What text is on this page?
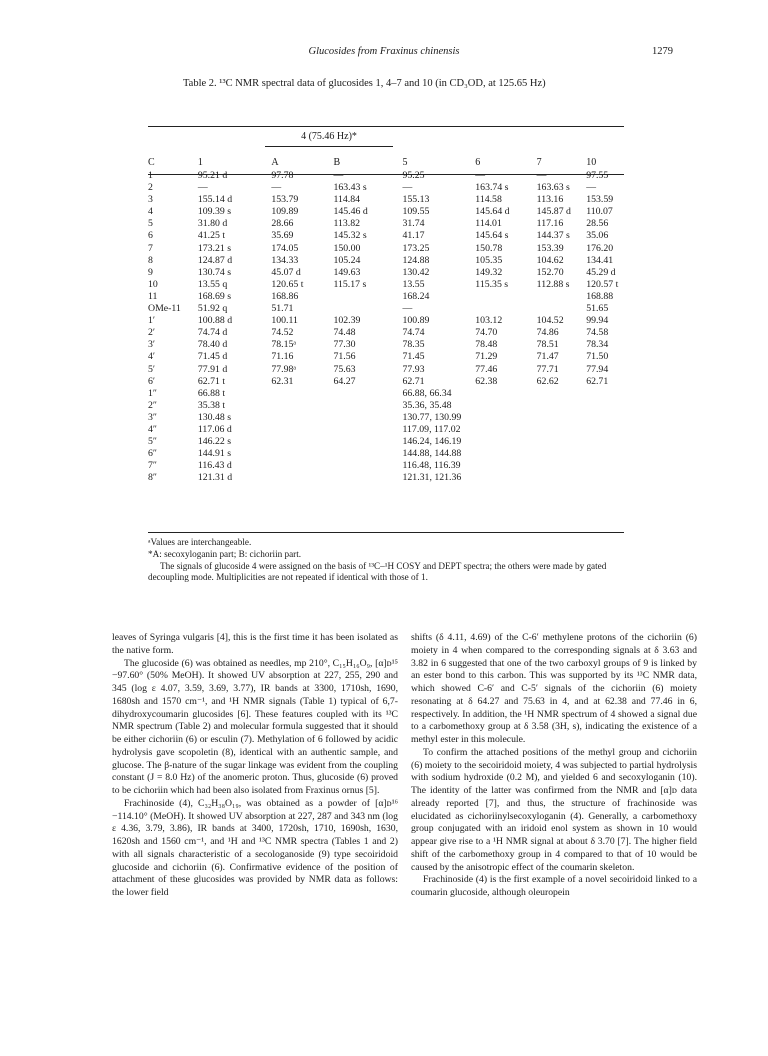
Glucosides from Fraxinus chinensis	1279
Table 2. ¹³C NMR spectral data of glucosides 1, 4–7 and 10 (in CD₃OD, at 125.65 Hz)
4 (75.46 Hz)*
C	1	A	B	5	6	7	10
1	95.21 d	97.78	—	95.25	—	—	97.55
2	—	—	163.43 s	—	163.74 s	163.63 s	—
3	155.14 d	153.79	114.84	155.13	114.58	113.16	153.59
4	109.39 s	109.89	145.46 d	109.55	145.64 d	145.87 d	110.07
5	31.80 d	28.66	113.82	31.74	114.01	117.16	28.56
6	41.25 t	35.69	145.32 s	41.17	145.64 s	144.37 s	35.06
7	173.21 s	174.05	150.00	173.25	150.78	153.39	176.20
8	124.87 d	134.33	105.24	124.88	105.35	104.62	134.41
9	130.74 s	45.07 d	149.63	130.42	149.32	152.70	45.29 d
10	13.55 q	120.65 t	115.17 s	13.55	115.35 s	112.88 s	120.57 t
11	168.69 s	168.86		168.24			168.88
OMe-11	51.92 q	51.71		—			51.65
1′	100.88 d	100.11	102.39	100.89	103.12	104.52	99.94
2′	74.74 d	74.52	74.48	74.74	74.70	74.86	74.58
3′	78.40 d	78.15ᵃ	77.30	78.35	78.48	78.51	78.34
4′	71.45 d	71.16	71.56	71.45	71.29	71.47	71.50
5′	77.91 d	77.98ᵃ	75.63	77.93	77.46	77.71	77.94
6′	62.71 t	62.31	64.27	62.71	62.38	62.62	62.71
1″	66.88 t			66.88, 66.34			
2″	35.38 t			35.36, 35.48			
3″	130.48 s			130.77, 130.99			
4″	117.06 d			117.09, 117.02			
5″	146.22 s			146.24, 146.19			
6″	144.91 s			144.88, 144.88			
7″	116.43 d			116.48, 116.39			
8″	121.31 d			121.31, 121.36			
ᵃValues are interchangeable.
*A: secoxyloganin part; B: cichoriin part.
The signals of glucoside 4 were assigned on the basis of ¹³C–¹H COSY and DEPT spectra; the others were made by gated decoupling mode. Multiplicities are not repeated if identical with those of 1.

leaves of Syringa vulgaris [4], this is the first time it has been isolated as the native form.

The glucoside (6) was obtained as needles, mp 210°, C₁₅H₁₆O₉, [α]ᴅ¹⁵ −97.60° (50% MeOH). It showed UV absorption at 227, 255, 290 and 345 (log ε 4.07, 3.59, 3.69, 3.77), IR bands at 3300, 1710sh, 1690, 1680sh and 1570 cm⁻¹, and ¹H NMR signals (Table 1) typical of 6,7-dihydroxycoumarin glucosides [6]. These features coupled with its ¹³C NMR spectrum (Table 2) and molecular formula suggested that it should be either cichoriin (6) or esculin (7). Methylation of 6 followed by acidic hydrolysis gave scopoletin (8), identical with an authentic sample, and glucose. The β-nature of the sugar linkage was evident from the coupling constant (J = 8.0 Hz) of the anomeric proton. Thus, glucoside (6) proved to be cichoriin which had been also isolated from Fraxinus ornus [5].

Frachinoside (4), C₃₂H₃₈O₁₉, was obtained as a powder of [α]ᴅ¹⁶ −114.10° (MeOH). It showed UV absorption at 227, 287 and 343 nm (log ε 4.36, 3.79, 3.86), IR bands at 3400, 1720sh, 1710, 1690sh, 1630, 1620sh and 1560 cm⁻¹, and ¹H and ¹³C NMR spectra (Tables 1 and 2) with all signals characteristic of a secologanoside (9) type secoiridoid glucoside and cichoriin (6). Confirmative evidence of the position of attachment of these glucosides was provided by NMR data as follows: the lower field

shifts (δ 4.11, 4.69) of the C-6′ methylene protons of the cichoriin (6) moiety in 4 when compared to the corresponding signals at δ 3.63 and 3.82 in 6 suggested that one of the two carboxyl groups of 9 is linked by an ester bond to this carbon. This was supported by its ¹³C NMR data, which showed C-6′ and C-5′ signals of the cichoriin (6) moiety resonating at δ 64.27 and 75.63 in 4, and at 62.38 and 77.46 in 6, respectively. In addition, the ¹H NMR spectrum of 4 showed a signal due to a carbomethoxy group at δ 3.58 (3H, s), indicating the existence of a methyl ester in this molecule.

To confirm the attached positions of the methyl group and cichoriin (6) moiety to the secoiridoid moiety, 4 was subjected to partial hydrolysis with sodium hydroxide (0.2 M), and yielded 6 and secoxyloganin (10). The identity of the latter was confirmed from the NMR and [α]ᴅ data already reported [7], and thus, the structure of frachinoside was elucidated as cichoriinylsecoxyloganin (4). Generally, a carbomethoxy group conjugated with an iridoid enol system as shown in 10 would appear give rise to a ¹H NMR signal at about δ 3.70 [7]. The higher field shift of the carbomethoxy group in 4 compared to that of 10 would be caused by the anisotropic effect of the coumarin skeleton.

Frachinoside (4) is the first example of a novel secoiridoid linked to a coumarin glucoside, although oleuropein
